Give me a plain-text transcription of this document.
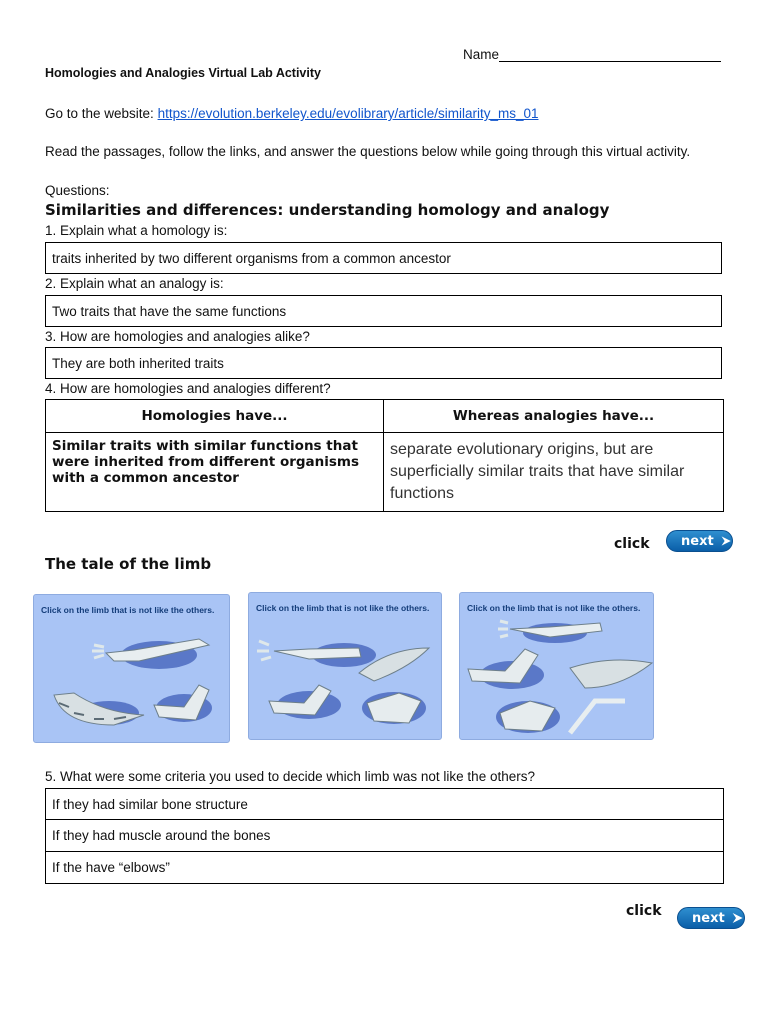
Name
Homologies and Analogies Virtual Lab Activity
Go to the website: https://evolution.berkeley.edu/evolibrary/article/similarity_ms_01
Read the passages, follow the links, and answer the questions below while going through this virtual activity.
Questions:
Similarities and differences: understanding homology and analogy
1. Explain what a homology is:
traits inherited by two different organisms from a common ancestor
2. Explain what an analogy is:
Two traits that have the same functions
3. How are homologies and analogies alike?
They are both inherited traits
4. How are homologies and analogies different?
Homologies have...	Whereas analogies have...
Similar traits with similar functions that were inherited from different organisms with a common ancestor	separate evolutionary origins, but are superficially similar traits that have similar functions
click next
The tale of the limb
Click on the limb that is not like the others.	Click on the limb that is not like the others.	Click on the limb that is not like the others.
5. What were some criteria you used to decide which limb was not like the others?
If they had similar bone structure
If they had muscle around the bones
If the have “elbows”
click next
